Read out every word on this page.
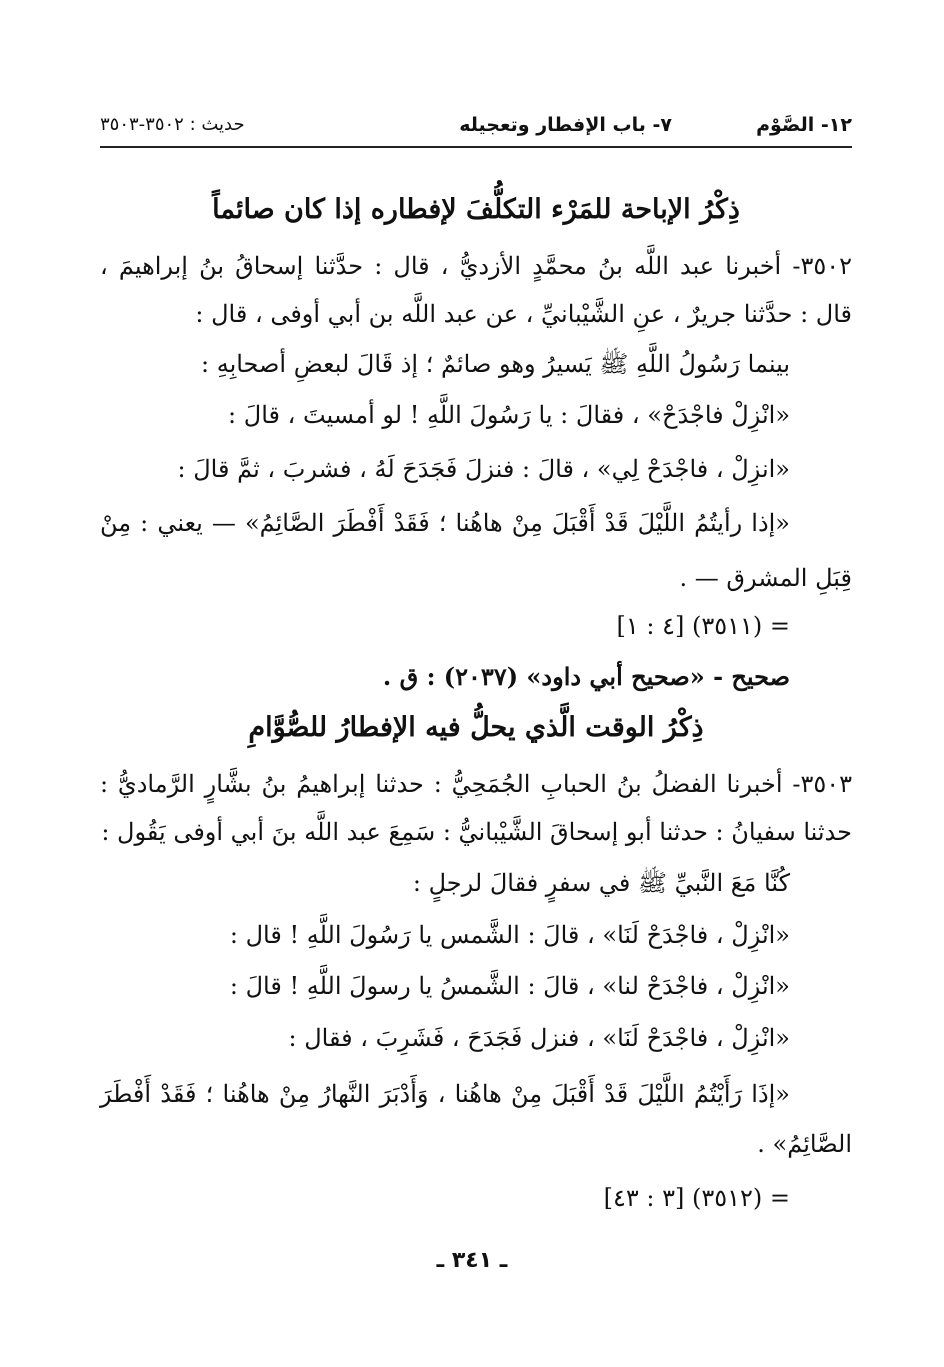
١٢- الصَّوْم
٧- باب الإفطار وتعجيله
حديث : ٣٥٠٢-٣٥٠٣
ذِكْرُ الإباحة للمَرْء التكلُّفَ لإفطاره إذا كان صائماً
٣٥٠٢- أخبرنا عبد اللَّه بنُ محمَّدٍ الأزديُّ ، قال : حدَّثنا إسحاقُ بنُ إبراهيمَ ،
قال : حدَّثنا جريرٌ ، عنِ الشَّيْبانيِّ ، عن عبد اللَّه بن أبي أوفى ، قال :
بينما رَسُولُ اللَّهِ ﷺ يَسيرُ وهو صائمٌ ؛ إذ قَالَ لبعضِ أصحابِهِ :
«انْزِلْ فاجْدَحْ» ، فقالَ : يا رَسُولَ اللَّهِ ! لو أمسيتَ ، قالَ :
«انزِلْ ، فاجْدَحْ لِي» ، قالَ : فنزلَ فَجَدَحَ لَهُ ، فشربَ ، ثمَّ قالَ :
«إذا رأيتُمُ اللَّيْلَ قَدْ أَقْبَلَ مِنْ هاهُنا ؛ فَقَدْ أَفْطَرَ الصَّائِمُ» — يعني : مِنْ
قِبَلِ المشرق — .
= (٣٥١١) [٤ : ١]
صحيح - «صحيح أبي داود» (٢٠٣٧) : ق .
ذِكْرُ الوقت الَّذي يحلُّ فيه الإفطارُ للصُّوَّامِ
٣٥٠٣- أخبرنا الفضلُ بنُ الحبابِ الجُمَحِيُّ : حدثنا إبراهيمُ بنُ بشَّارٍ الرَّماديُّ :
حدثنا سفيانُ : حدثنا أبو إسحاقَ الشَّيْبانيُّ : سَمِعَ عبد اللَّه بنَ أبي أوفى يَقُول :
كُنَّا مَعَ النَّبيِّ ﷺ في سفرٍ فقالَ لرجلٍ :
«انْزِلْ ، فاجْدَحْ لَنَا» ، قالَ : الشَّمس يا رَسُولَ اللَّهِ ! قال :
«انْزِلْ ، فاجْدَحْ لنا» ، قالَ : الشَّمسُ يا رسولَ اللَّهِ ! قالَ :
«انْزِلْ ، فاجْدَحْ لَنَا» ، فنزل فَجَدَحَ ، فَشَرِبَ ، فقال :
«إذَا رَأَيْتُمُ اللَّيْلَ قَدْ أَقْبَلَ مِنْ هاهُنا ، وَأَدْبَرَ النَّهارُ مِنْ هاهُنا ؛ فَقَدْ أَفْطَرَ
الصَّائِمُ» .
= (٣٥١٢) [٣ : ٤٣]
ـ ٣٤١ ـ
